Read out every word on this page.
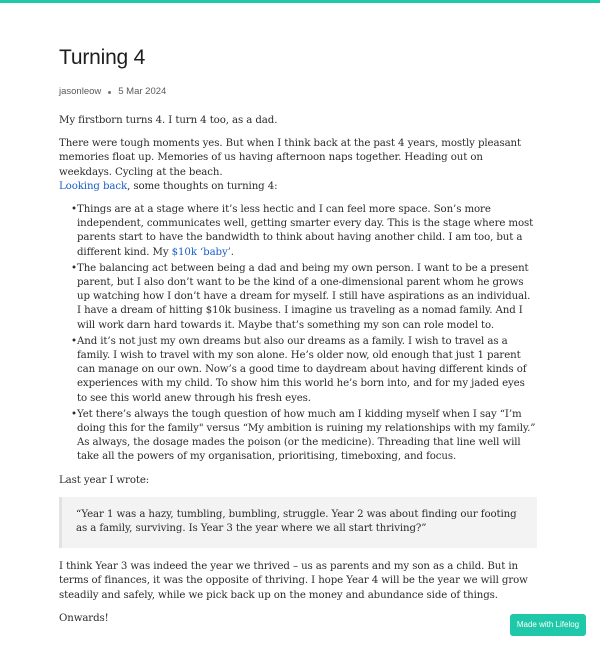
Turning 4
jasonleow 5 Mar 2024

My firstborn turns 4. I turn 4 too, as a dad.

There were tough moments yes. But when I think back at the past 4 years, mostly pleasant memories float up. Memories of us having afternoon naps together. Heading out on weekdays. Cycling at the beach.
Looking back, some thoughts on turning 4:

• Things are at a stage where it’s less hectic and I can feel more space. Son’s more independent, communicates well, getting smarter every day. This is the stage where most parents start to have the bandwidth to think about having another child. I am too, but a different kind. My $10k ‘baby’.
• The balancing act between being a dad and being my own person. I want to be a present parent, but I also don’t want to be the kind of a one-dimensional parent whom he grows up watching how I don’t have a dream for myself. I still have aspirations as an individual. I have a dream of hitting $10k business. I imagine us traveling as a nomad family. And I will work darn hard towards it. Maybe that’s something my son can role model to.
• And it’s not just my own dreams but also our dreams as a family. I wish to travel as a family. I wish to travel with my son alone. He’s older now, old enough that just 1 parent can manage on our own. Now’s a good time to daydream about having different kinds of experiences with my child. To show him this world he’s born into, and for my jaded eyes to see this world anew through his fresh eyes.
• Yet there’s always the tough question of how much am I kidding myself when I say “I’m doing this for the family" versus “My ambition is ruining my relationships with my family.” As always, the dosage mades the poison (or the medicine). Threading that line well will take all the powers of my organisation, prioritising, timeboxing, and focus.

Last year I wrote:

“Year 1 was a hazy, tumbling, bumbling, struggle. Year 2 was about finding our footing as a family, surviving. Is Year 3 the year where we all start thriving?”

I think Year 3 was indeed the year we thrived – us as parents and my son as a child. But in terms of finances, it was the opposite of thriving. I hope Year 4 will be the year we will grow steadily and safely, while we pick back up on the money and abundance side of things.

Onwards!

Made with Lifelog
